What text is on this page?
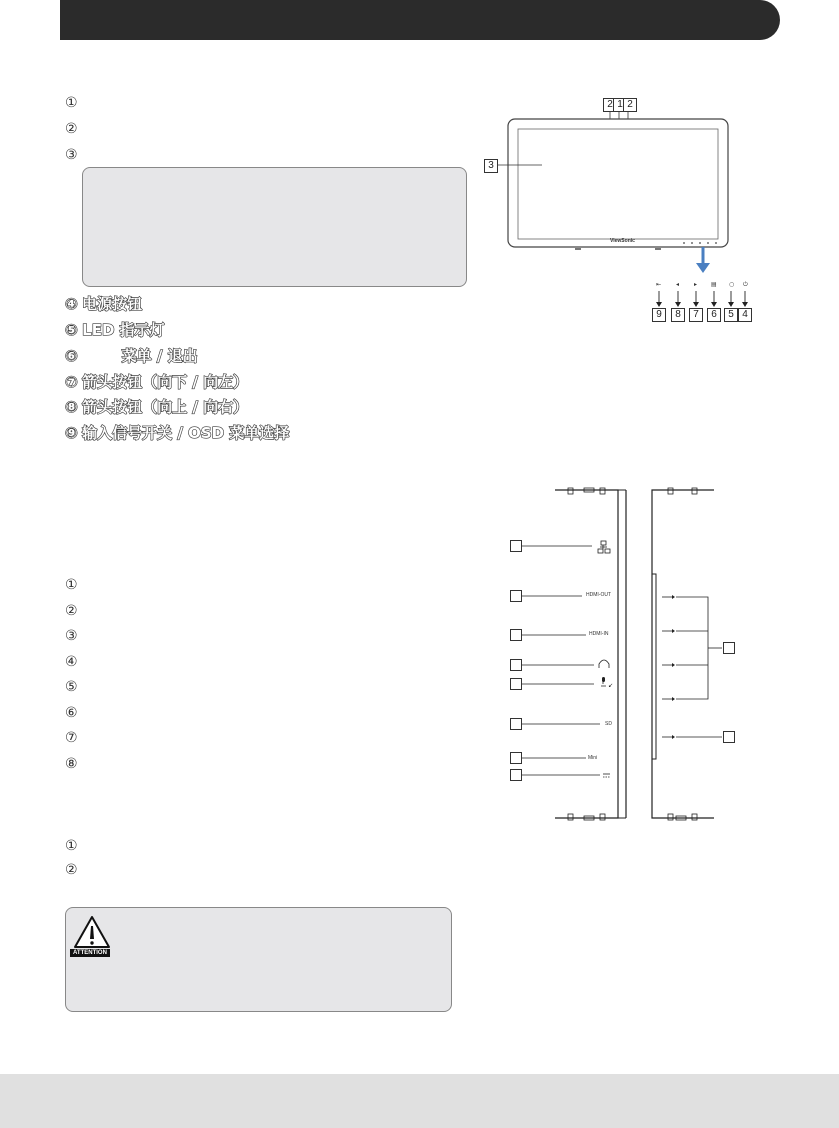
①
②
③
④ 电源按钮
⑤ LED 指示灯
⑥	菜单 / 退出
⑦ 箭头按钮（向下 / 向左）
⑧ 箭头按钮（向上 / 向右）
⑨ 输入信号开关 / OSD 菜单选择
①
②
③
④
⑤
⑥
⑦
⑧
①
②
ATTENTION
⇤ ◂ ▸ ▤ ○ ⏻
2 1 2
3
ViewSonic
9	8	7	6	5 4
↙
HDMI-OUT
HDMI-IN
SD
Mini
